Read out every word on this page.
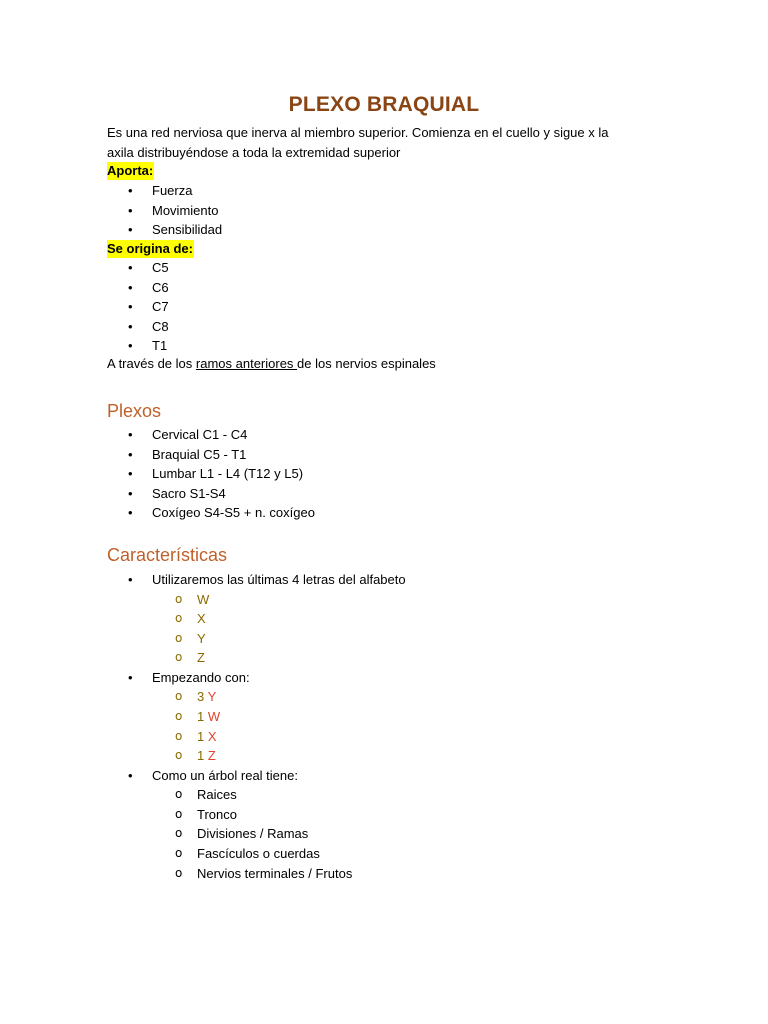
PLEXO BRAQUIAL
Es una red nerviosa que inerva al miembro superior. Comienza en el cuello y sigue x la
axila distribuyéndose a toda la extremidad superior
Aporta:
• Fuerza
• Movimiento
• Sensibilidad
Se origina de:
• C5
• C6
• C7
• C8
• T1
A través de los ramos anteriores de los nervios espinales
Plexos
• Cervical C1 - C4
• Braquial C5 - T1
• Lumbar L1 - L4 (T12 y L5)
• Sacro S1-S4
• Coxígeo S4-S5 + n. coxígeo
Características
• Utilizaremos las últimas 4 letras del alfabeto
o W
o X
o Y
o Z
• Empezando con:
o 3 Y
o 1 W
o 1 X
o 1 Z
• Como un árbol real tiene:
o Raices
o Tronco
o Divisiones / Ramas
o Fascículos o cuerdas
o Nervios terminales / Frutos
